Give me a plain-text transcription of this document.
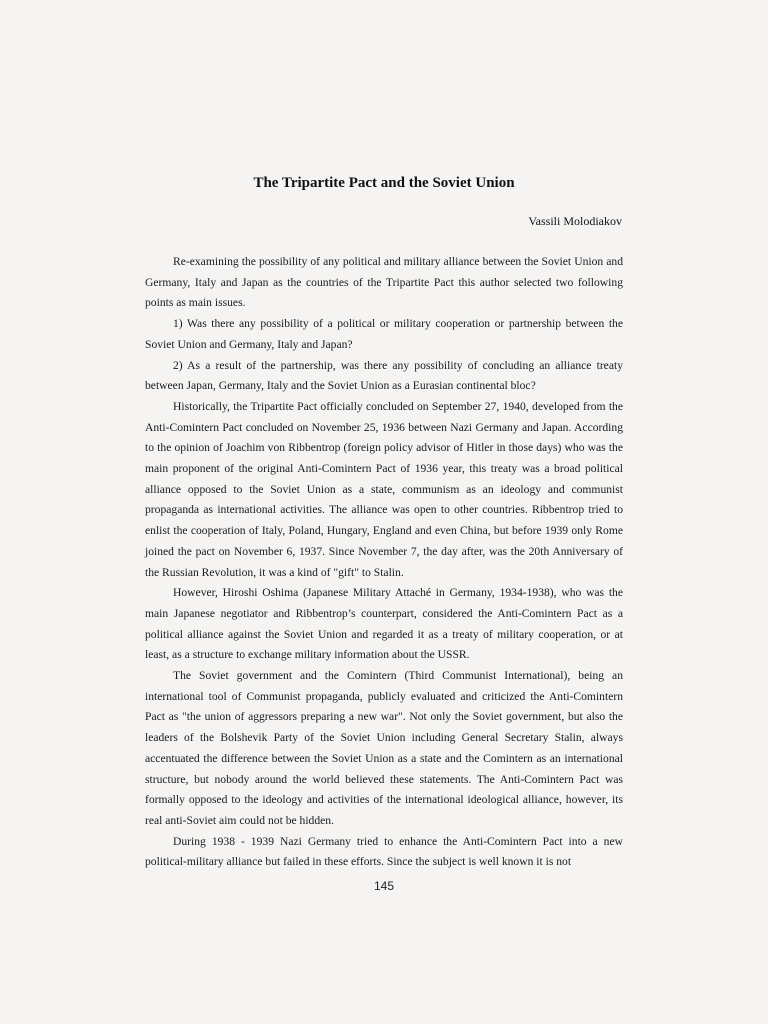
The Tripartite Pact and the Soviet Union
Vassili Molodiakov

Re-examining the possibility of any political and military alliance between the Soviet Union and Germany, Italy and Japan as the countries of the Tripartite Pact this author selected two following points as main issues.

1) Was there any possibility of a political or military cooperation or partnership between the Soviet Union and Germany, Italy and Japan?

2) As a result of the partnership, was there any possibility of concluding an alliance treaty between Japan, Germany, Italy and the Soviet Union as a Eurasian continental bloc?

Historically, the Tripartite Pact officially concluded on September 27, 1940, developed from the Anti-Comintern Pact concluded on November 25, 1936 between Nazi Germany and Japan. According to the opinion of Joachim von Ribbentrop (foreign policy advisor of Hitler in those days) who was the main proponent of the original Anti-Comintern Pact of 1936 year, this treaty was a broad political alliance opposed to the Soviet Union as a state, communism as an ideology and communist propaganda as international activities. The alliance was open to other countries. Ribbentrop tried to enlist the cooperation of Italy, Poland, Hungary, England and even China, but before 1939 only Rome joined the pact on November 6, 1937. Since November 7, the day after, was the 20th Anniversary of the Russian Revolution, it was a kind of "gift" to Stalin.

However, Hiroshi Oshima (Japanese Military Attaché in Germany, 1934-1938), who was the main Japanese negotiator and Ribbentrop’s counterpart, considered the Anti-Comintern Pact as a political alliance against the Soviet Union and regarded it as a treaty of military cooperation, or at least, as a structure to exchange military information about the USSR.

The Soviet government and the Comintern (Third Communist International), being an international tool of Communist propaganda, publicly evaluated and criticized the Anti-Comintern Pact as "the union of aggressors preparing a new war". Not only the Soviet government, but also the leaders of the Bolshevik Party of the Soviet Union including General Secretary Stalin, always accentuated the difference between the Soviet Union as a state and the Comintern as an international structure, but nobody around the world believed these statements. The Anti-Comintern Pact was formally opposed to the ideology and activities of the international ideological alliance, however, its real anti-Soviet aim could not be hidden.

During 1938 - 1939 Nazi Germany tried to enhance the Anti-Comintern Pact into a new political-military alliance but failed in these efforts. Since the subject is well known it is not

145
